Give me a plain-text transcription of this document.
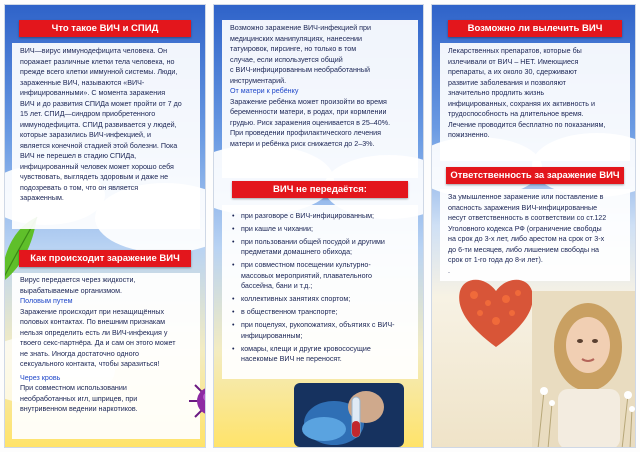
Что такое ВИЧ и СПИД

ВИЧ—вирус иммунодефицита человека. Он

поражает различные клетки тела человека, но

прежде всего клетки иммунной системы. Люди,

зараженные ВИЧ, называются «ВИЧ-

инфицированными». С момента заражения

ВИЧ и до развития СПИДа может пройти от 7 до

15 лет. СПИД—синдром приобретенного

иммунодефицита. СПИД развивается у людей,

которые заразились ВИЧ-инфекцией, и

является конечной стадией этой болезни. Пока

ВИЧ не перешел в стадию СПИДа,

инфицированный человек может хорошо себя

чувствовать, выглядеть здоровым и даже не

подозревать о том, что он является

зараженным.

Как происходит заражение ВИЧ

Вирус передается через жидкости,

вырабатываемые организмом.

Половым путем

Заражение происходит при незащищённых

половых контактах. По внешним признакам

нельзя определить есть ли ВИЧ-инфекция у

твоего секс-партнёра. Да и сам он этого может

не знать. Иногда достаточно одного

сексуального контакта, чтобы заразиться!

Через кровь

При совместном использовании

необработанных игл, шприцев, при

внутривенном ведении наркотиков.

Возможно заражение ВИЧ-инфекцией при

медицинских манипуляциях, нанесении

татуировок, пирсинге, но только в том

случае, если используется общий

с ВИЧ-инфицированным необработанный

инструментарий.

От матери к ребёнку

Заражение ребёнка может произойти во время

беременности матери, в родах, при кормлении

грудью. Риск заражения оценивается в 25–40%.

При проведении профилактического лечения

матери и ребёнка риск снижается до 2–3%.

ВИЧ не передаётся:
• при разговоре с ВИЧ-инфицированным;
• при кашле и чихании;
• при пользовании общей посудой и другими
предметами домашнего обихода;
• при совместном посещении культурно-
массовых мероприятий, плавательного
бассейна, бани и т.д.;
• коллективных занятиях спортом;
• в общественном транспорте;
• при поцелуях, рукопожатиях, объятиях с ВИЧ-
инфицированным;
• комары, клещи и другие кровососущие
насекомые ВИЧ не переносят.
Возможно ли вылечить ВИЧ

Лекарственных препаратов, которые бы

излечивали от ВИЧ – НЕТ. Имеющиеся

препараты, а их около 30, сдерживают

развитие заболевания и позволяют

значительно продлить жизнь

инфицированных, сохраняя их активность и

трудоспособность на длительное время.

Лечение проводится бесплатно по показаниям,

пожизненно.

Ответственность за заражение ВИЧ

За умышленное заражение или поставление в

опасность заражения ВИЧ-инфицированные

несут ответственность в соответствии со ст.122

Уголовного кодекса РФ (ограничение свободы

на срок до 3-х лет, либо арестом на срок от 3-х

до 6-ти месяцев, либо лишением свободы на

срок от 1-го года до 8-и лет).

.
